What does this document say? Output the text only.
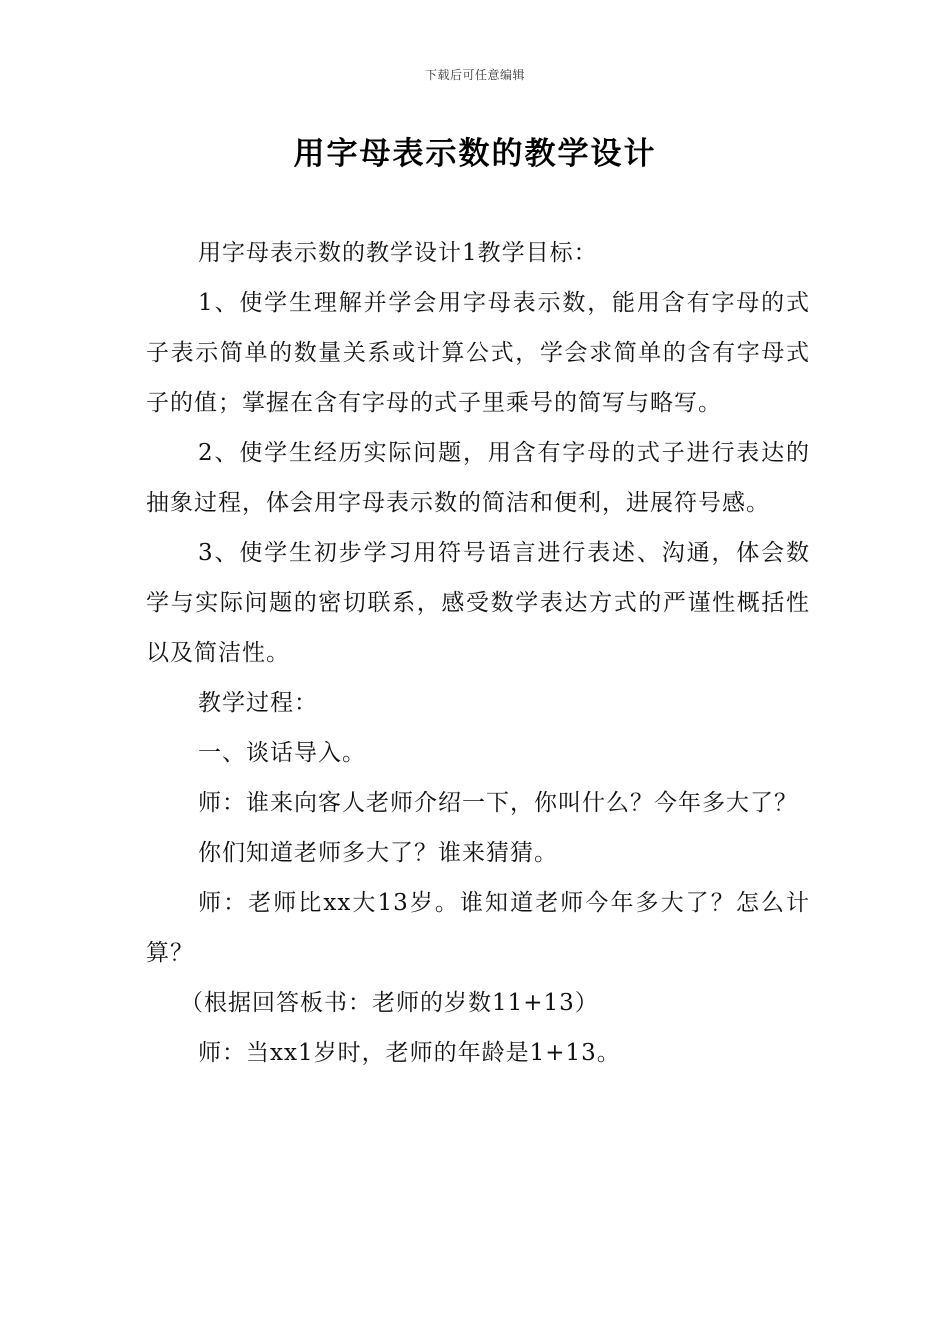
下载后可任意编辑
用字母表示数的教学设计

用字母表示数的教学设计1教学目标：

1、使学生理解并学会用字母表示数，能用含有字母的式子表示简单的数量关系或计算公式，学会求简单的含有字母式子的值；掌握在含有字母的式子里乘号的简写与略写。

2、使学生经历实际问题，用含有字母的式子进行表达的抽象过程，体会用字母表示数的简洁和便利，进展符号感。

3、使学生初步学习用符号语言进行表述、沟通，体会数学与实际问题的密切联系，感受数学表达方式的严谨性概括性以及简洁性。

教学过程：

一、谈话导入。

师：谁来向客人老师介绍一下，你叫什么？今年多大了？

你们知道老师多大了？谁来猜猜。

师：老师比xx大13岁。谁知道老师今年多大了？怎么计算？

（根据回答板书：老师的岁数11+13）

师：当xx1岁时，老师的年龄是1+13。
